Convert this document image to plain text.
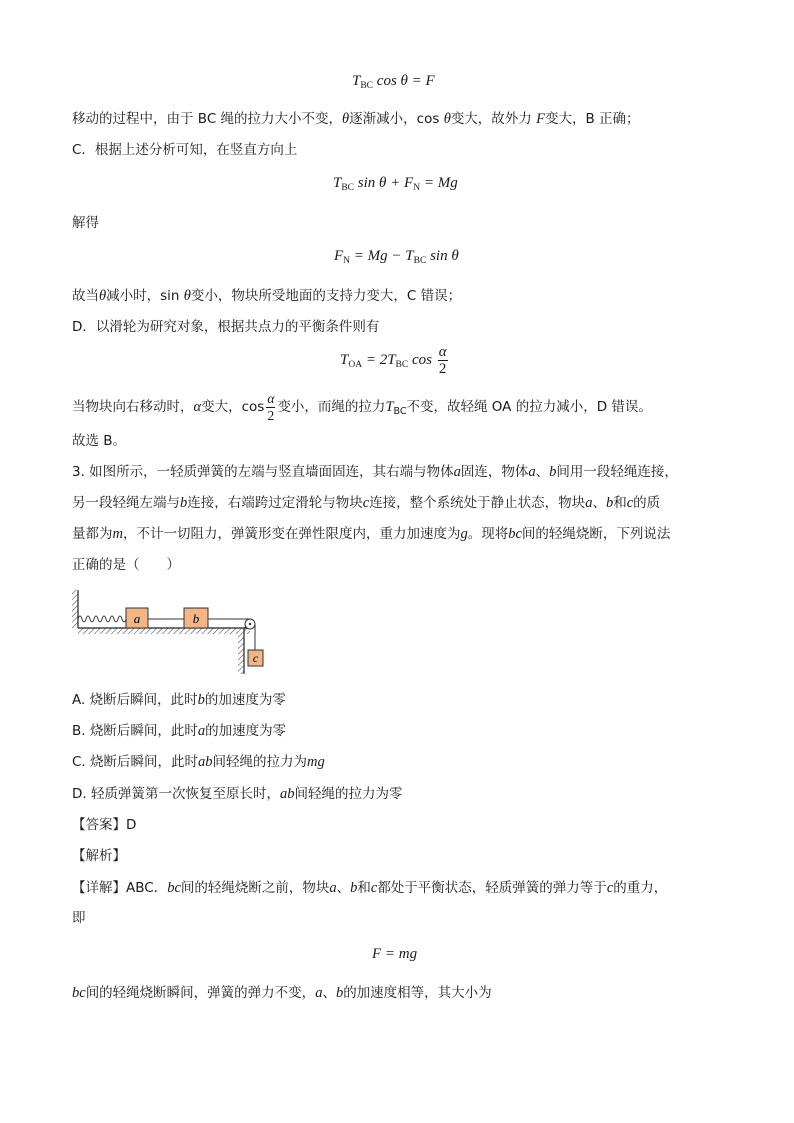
$T_{BC}$ cos θ = F
移动的过程中，由于 BC 绳的拉力大小不变，θ逐渐减小，cos θ变大，故外力 F变大，B 正确；
C．根据上述分析可知，在竖直方向上
$T_{BC}$ $\sin \theta + F_N = Mg$
解得
$F_N = Mg - T_{BC}$ sin θ
故当θ减小时，sin θ变小，物块所受地面的支持力变大，C 错误；
D．以滑轮为研究对象，根据共点力的平衡条件则有
$T_{OA} = 2T_{BC}$ $\cos \frac{\alpha}{2}$
当物块向右移动时，α变大，$\cos \frac{\alpha}{2}$ 变小，而绳的拉力$T_{BC}$不变，故轻绳 OA 的拉力减小，D 错误。
故选 B。
3. 如图所示，一轻质弹簧的左端与竖直墙面固连，其右端与物体a固连，物体a、b间用一段轻绳连接，
另一段轻绳左端与b连接，右端跨过定滑轮与物块c连接，整个系统处于静止状态，物块a、b和c的质
量都为m，不计一切阻力，弹簧形变在弹性限度内，重力加速度为g。现将bc间的轻绳烧断，下列说法
正确的是（　　）
a	b
c
A. 烧断后瞬间，此时b的加速度为零
B. 烧断后瞬间，此时a的加速度为零
C. 烧断后瞬间，此时ab间轻绳的拉力为mg
D. 轻质弹簧第一次恢复至原长时，ab间轻绳的拉力为零
【答案】D
【解析】
【详解】ABC．bc间的轻绳烧断之前，物块a、b和c都处于平衡状态，轻质弹簧的弹力等于c的重力，
即
F = mg
bc间的轻绳烧断瞬间，弹簧的弹力不变，a、b的加速度相等，其大小为
